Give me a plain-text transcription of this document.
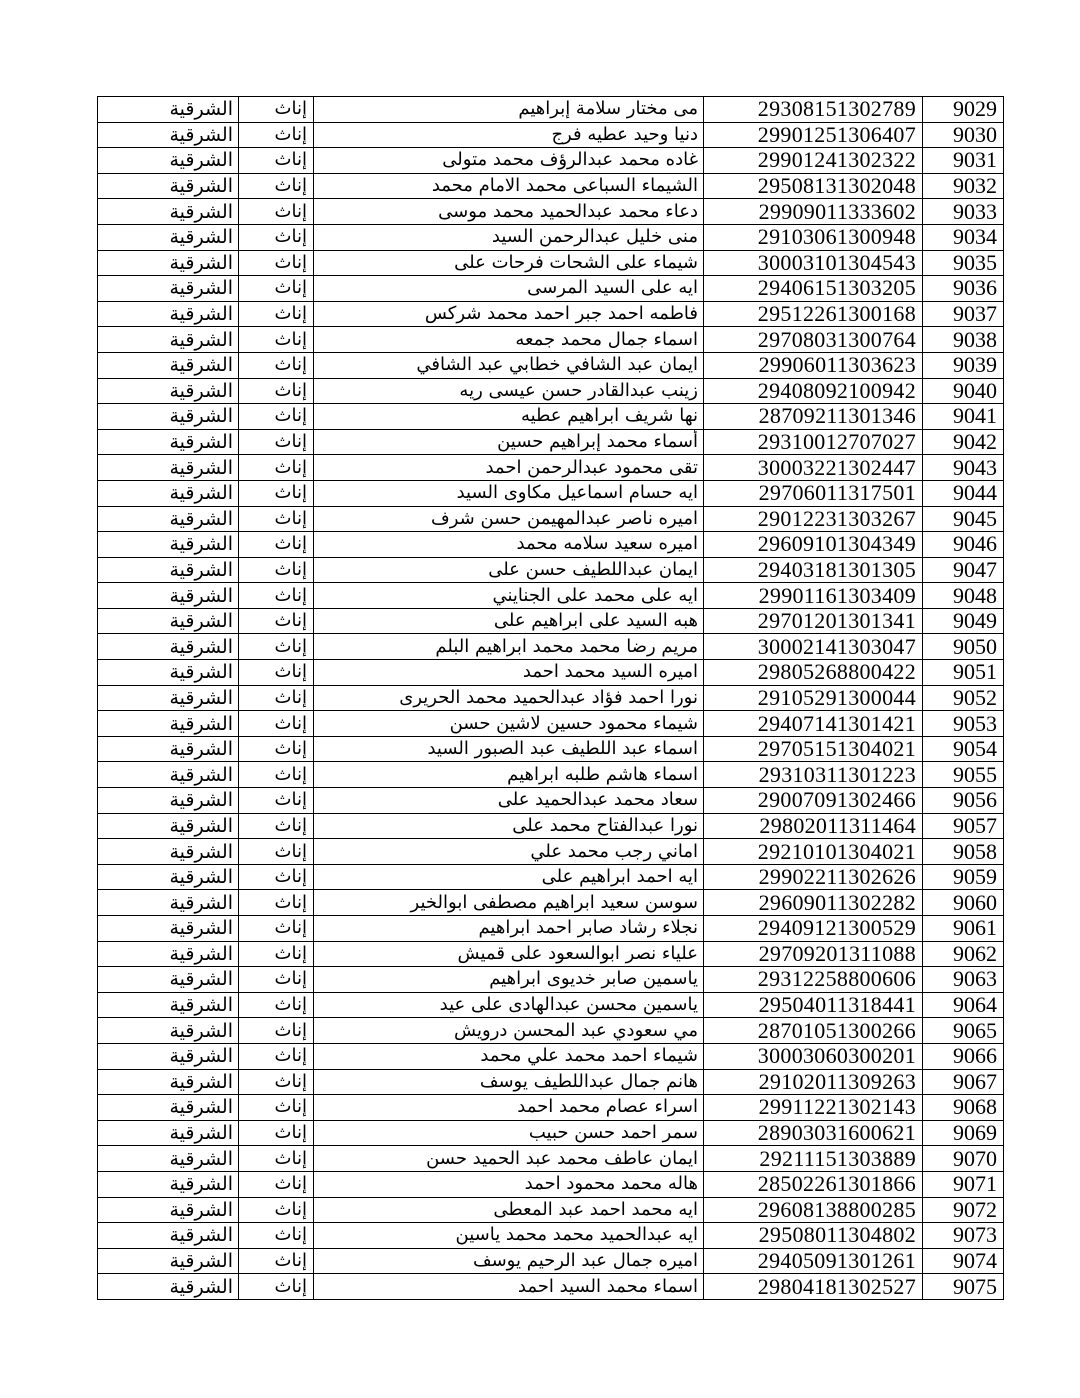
الشرقية	إناث	مى مختار سلامة إبراهيم	29308151302789	9029
الشرقية	إناث	دنيا وحيد عطيه فرج	29901251306407	9030
الشرقية	إناث	غاده محمد عبدالرؤف محمد متولى	29901241302322	9031
الشرقية	إناث	الشيماء السباعى محمد الامام محمد	29508131302048	9032
الشرقية	إناث	دعاء محمد عبدالحميد محمد موسى	29909011333602	9033
الشرقية	إناث	منى خليل عبدالرحمن السيد	29103061300948	9034
الشرقية	إناث	شيماء على الشحات فرحات على	30003101304543	9035
الشرقية	إناث	ايه على السيد المرسى	29406151303205	9036
الشرقية	إناث	فاطمه احمد جبر احمد محمد شركس	29512261300168	9037
الشرقية	إناث	اسماء جمال محمد جمعه	29708031300764	9038
الشرقية	إناث	ايمان عبد الشافي خطابي عبد الشافي	29906011303623	9039
الشرقية	إناث	زينب عبدالقادر حسن عيسى ريه	29408092100942	9040
الشرقية	إناث	نها شريف ابراهيم عطيه	28709211301346	9041
الشرقية	إناث	أسماء محمد إبراهيم حسين	29310012707027	9042
الشرقية	إناث	تقى محمود عبدالرحمن احمد	30003221302447	9043
الشرقية	إناث	ايه حسام اسماعيل مكاوى السيد	29706011317501	9044
الشرقية	إناث	اميره ناصر عبدالمهيمن حسن شرف	29012231303267	9045
الشرقية	إناث	اميره سعيد سلامه محمد	29609101304349	9046
الشرقية	إناث	ايمان عبداللطيف حسن على	29403181301305	9047
الشرقية	إناث	ايه على محمد على الجنايني	29901161303409	9048
الشرقية	إناث	هبه السيد على ابراهيم على	29701201301341	9049
الشرقية	إناث	مريم رضا محمد محمد ابراهيم البلم	30002141303047	9050
الشرقية	إناث	اميره السيد محمد احمد	29805268800422	9051
الشرقية	إناث	نورا احمد فؤاد عبدالحميد محمد الحريرى	29105291300044	9052
الشرقية	إناث	شيماء محمود حسين لاشين حسن	29407141301421	9053
الشرقية	إناث	اسماء عبد اللطيف عبد الصبور السيد	29705151304021	9054
الشرقية	إناث	اسماء هاشم طلبه ابراهيم	29310311301223	9055
الشرقية	إناث	سعاد محمد عبدالحميد على	29007091302466	9056
الشرقية	إناث	نورا عبدالفتاح محمد على	29802011311464	9057
الشرقية	إناث	اماني رجب محمد علي	29210101304021	9058
الشرقية	إناث	ايه احمد ابراهيم على	29902211302626	9059
الشرقية	إناث	سوسن سعيد ابراهيم مصطفى ابوالخير	29609011302282	9060
الشرقية	إناث	نجلاء رشاد صابر احمد ابراهيم	29409121300529	9061
الشرقية	إناث	علياء نصر ابوالسعود على قميش	29709201311088	9062
الشرقية	إناث	ياسمين صابر خديوى ابراهيم	29312258800606	9063
الشرقية	إناث	ياسمين محسن عبدالهادى على عيد	29504011318441	9064
الشرقية	إناث	مي سعودي عبد المحسن درويش	28701051300266	9065
الشرقية	إناث	شيماء احمد محمد علي محمد	30003060300201	9066
الشرقية	إناث	هانم جمال عبداللطيف يوسف	29102011309263	9067
الشرقية	إناث	اسراء عصام محمد احمد	29911221302143	9068
الشرقية	إناث	سمر احمد حسن حبيب	28903031600621	9069
الشرقية	إناث	ايمان عاطف محمد عبد الحميد حسن	29211151303889	9070
الشرقية	إناث	هاله محمد محمود احمد	28502261301866	9071
الشرقية	إناث	ايه محمد احمد عبد المعطى	29608138800285	9072
الشرقية	إناث	ايه عبدالحميد محمد محمد ياسين	29508011304802	9073
الشرقية	إناث	اميره جمال عبد الرحيم يوسف	29405091301261	9074
الشرقية	إناث	اسماء محمد السيد احمد	29804181302527	9075
